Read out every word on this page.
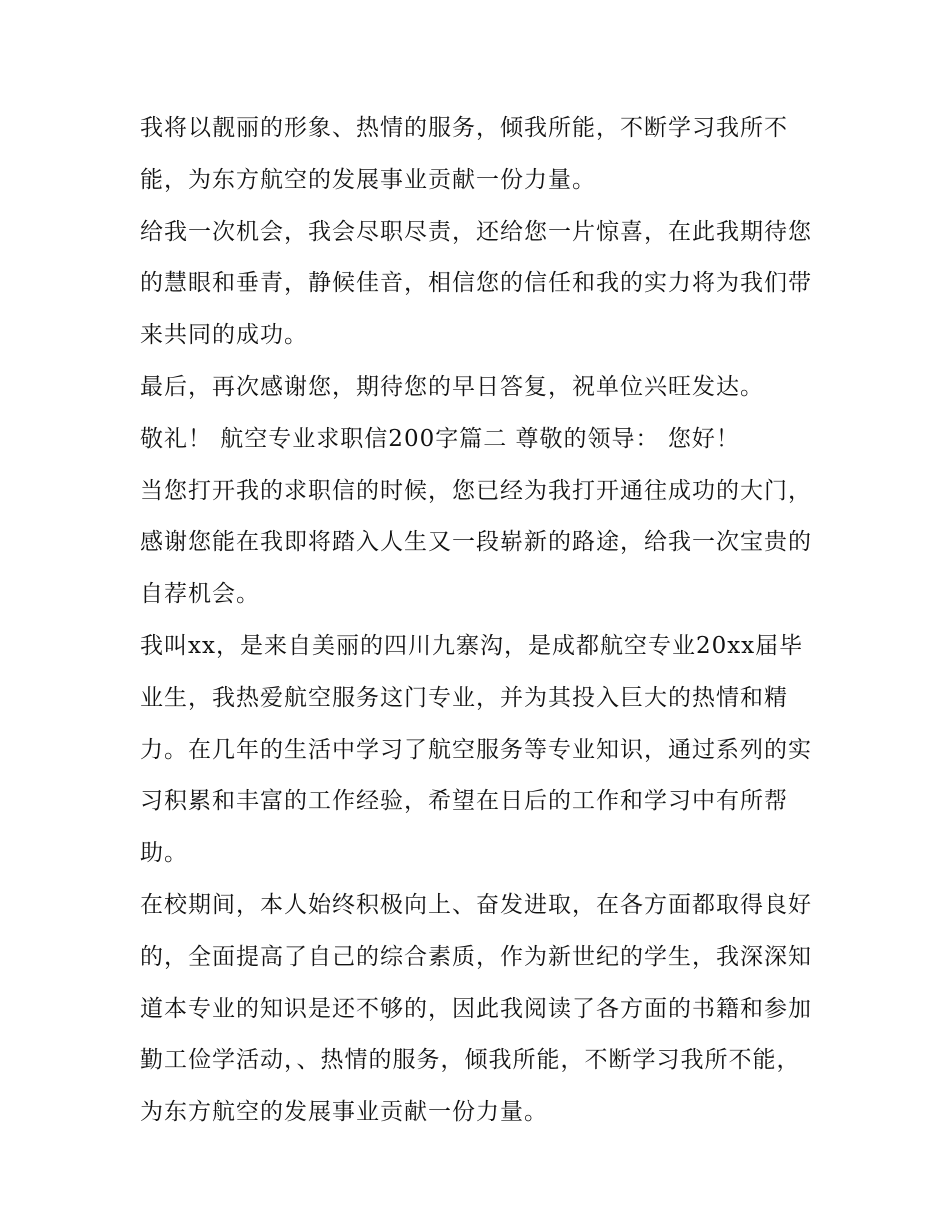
我将以靓丽的形象、热情的服务，倾我所能，不断学习我所不能，为东方航空的发展事业贡献一份力量。

给我一次机会，我会尽职尽责，还给您一片惊喜，在此我期待您的慧眼和垂青，静候佳音，相信您的信任和我的实力将为我们带来共同的成功。

最后，再次感谢您，期待您的早日答复，祝单位兴旺发达。

敬礼！ 航空专业求职信200字篇二 尊敬的领导： 您好！

当您打开我的求职信的时候，您已经为我打开通往成功的大门，感谢您能在我即将踏入人生又一段崭新的路途，给我一次宝贵的自荐机会。

我叫xx，是来自美丽的四川九寨沟，是成都航空专业20xx届毕业生，我热爱航空服务这门专业，并为其投入巨大的热情和精力。在几年的生活中学习了航空服务等专业知识，通过系列的实习积累和丰富的工作经验，希望在日后的工作和学习中有所帮助。

在校期间，本人始终积极向上、奋发进取，在各方面都取得良好的，全面提高了自己的综合素质，作为新世纪的学生，我深深知道本专业的知识是还不够的，因此我阅读了各方面的书籍和参加勤工俭学活动，、热情的服务，倾我所能，不断学习我所不能，为东方航空的发展事业贡献一份力量。
